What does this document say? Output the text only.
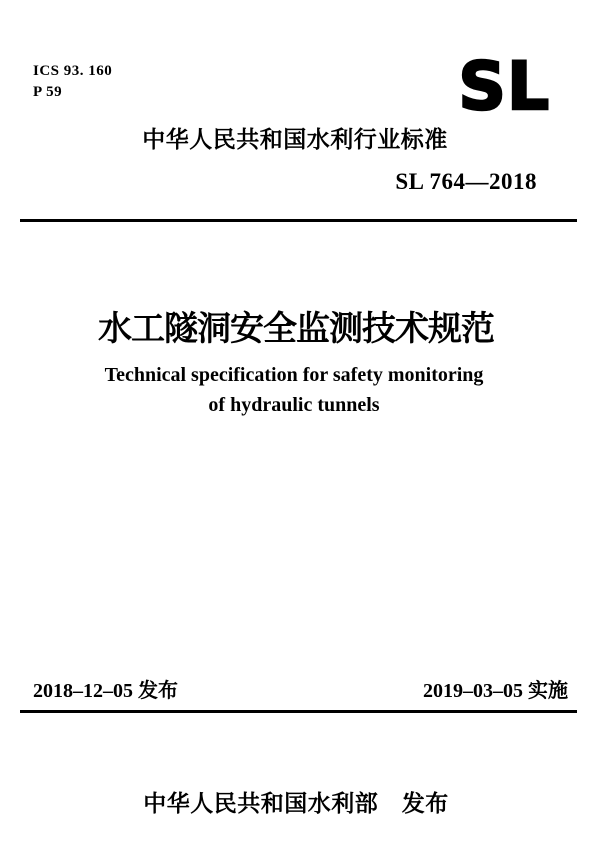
ICS 93. 160
P 59	SL
中华人民共和国水利行业标准
SL 764—2018
水工隧洞安全监测技术规范
Technical specification for safety monitoring
of hydraulic tunnels
2018–12–05 发布	2019–03–05 实施
中华人民共和国水利部　发布
